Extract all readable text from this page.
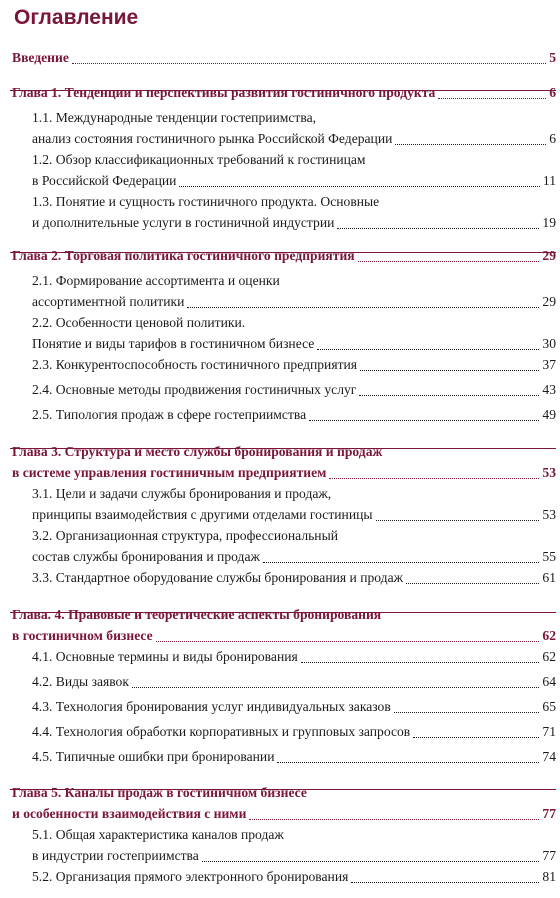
Оглавление
Введение	5
Глава 1. Тенденции и перспективы развития гостиничного продукта	6
1.1. Международные тенденции гостеприимства,
анализ состояния гостиничного рынка Российской Федерации	6
1.2. Обзор классификационных требований к гостиницам
в Российской Федерации	11
1.3. Понятие и сущность гостиничного продукта. Основные
и дополнительные услуги в гостиничной индустрии	19
Глава 2. Торговая политика гостиничного предприятия	29
2.1. Формирование ассортимента и оценки
ассортиментной политики	29
2.2. Особенности ценовой политики.
Понятие и виды тарифов в гостиничном бизнесе	30
2.3. Конкурентоспособность гостиничного предприятия	37
2.4. Основные методы продвижения гостиничных услуг	43
2.5. Типология продаж в сфере гостеприимства	49
Глава 3. Структура и место службы бронирования и продаж
в системе управления гостиничным предприятием	53
3.1. Цели и задачи службы бронирования и продаж,
принципы взаимодействия с другими отделами гостиницы	53
3.2. Организационная структура, профессиональный
состав службы бронирования и продаж	55
3.3. Стандартное оборудование службы бронирования и продаж	61
Глава. 4. Правовые и теоретические аспекты бронирования
в гостиничном бизнесе	62
4.1. Основные термины и виды бронирования	62
4.2. Виды заявок	64
4.3. Технология бронирования услуг индивидуальных заказов	65
4.4. Технология обработки корпоративных и групповых запросов	71
4.5. Типичные ошибки при бронировании	74
Глава 5. Каналы продаж в гостиничном бизнесе
и особенности взаимодействия с ними	77
5.1. Общая характеристика каналов продаж
в индустрии гостеприимства	77
5.2. Организация прямого электронного бронирования	81
